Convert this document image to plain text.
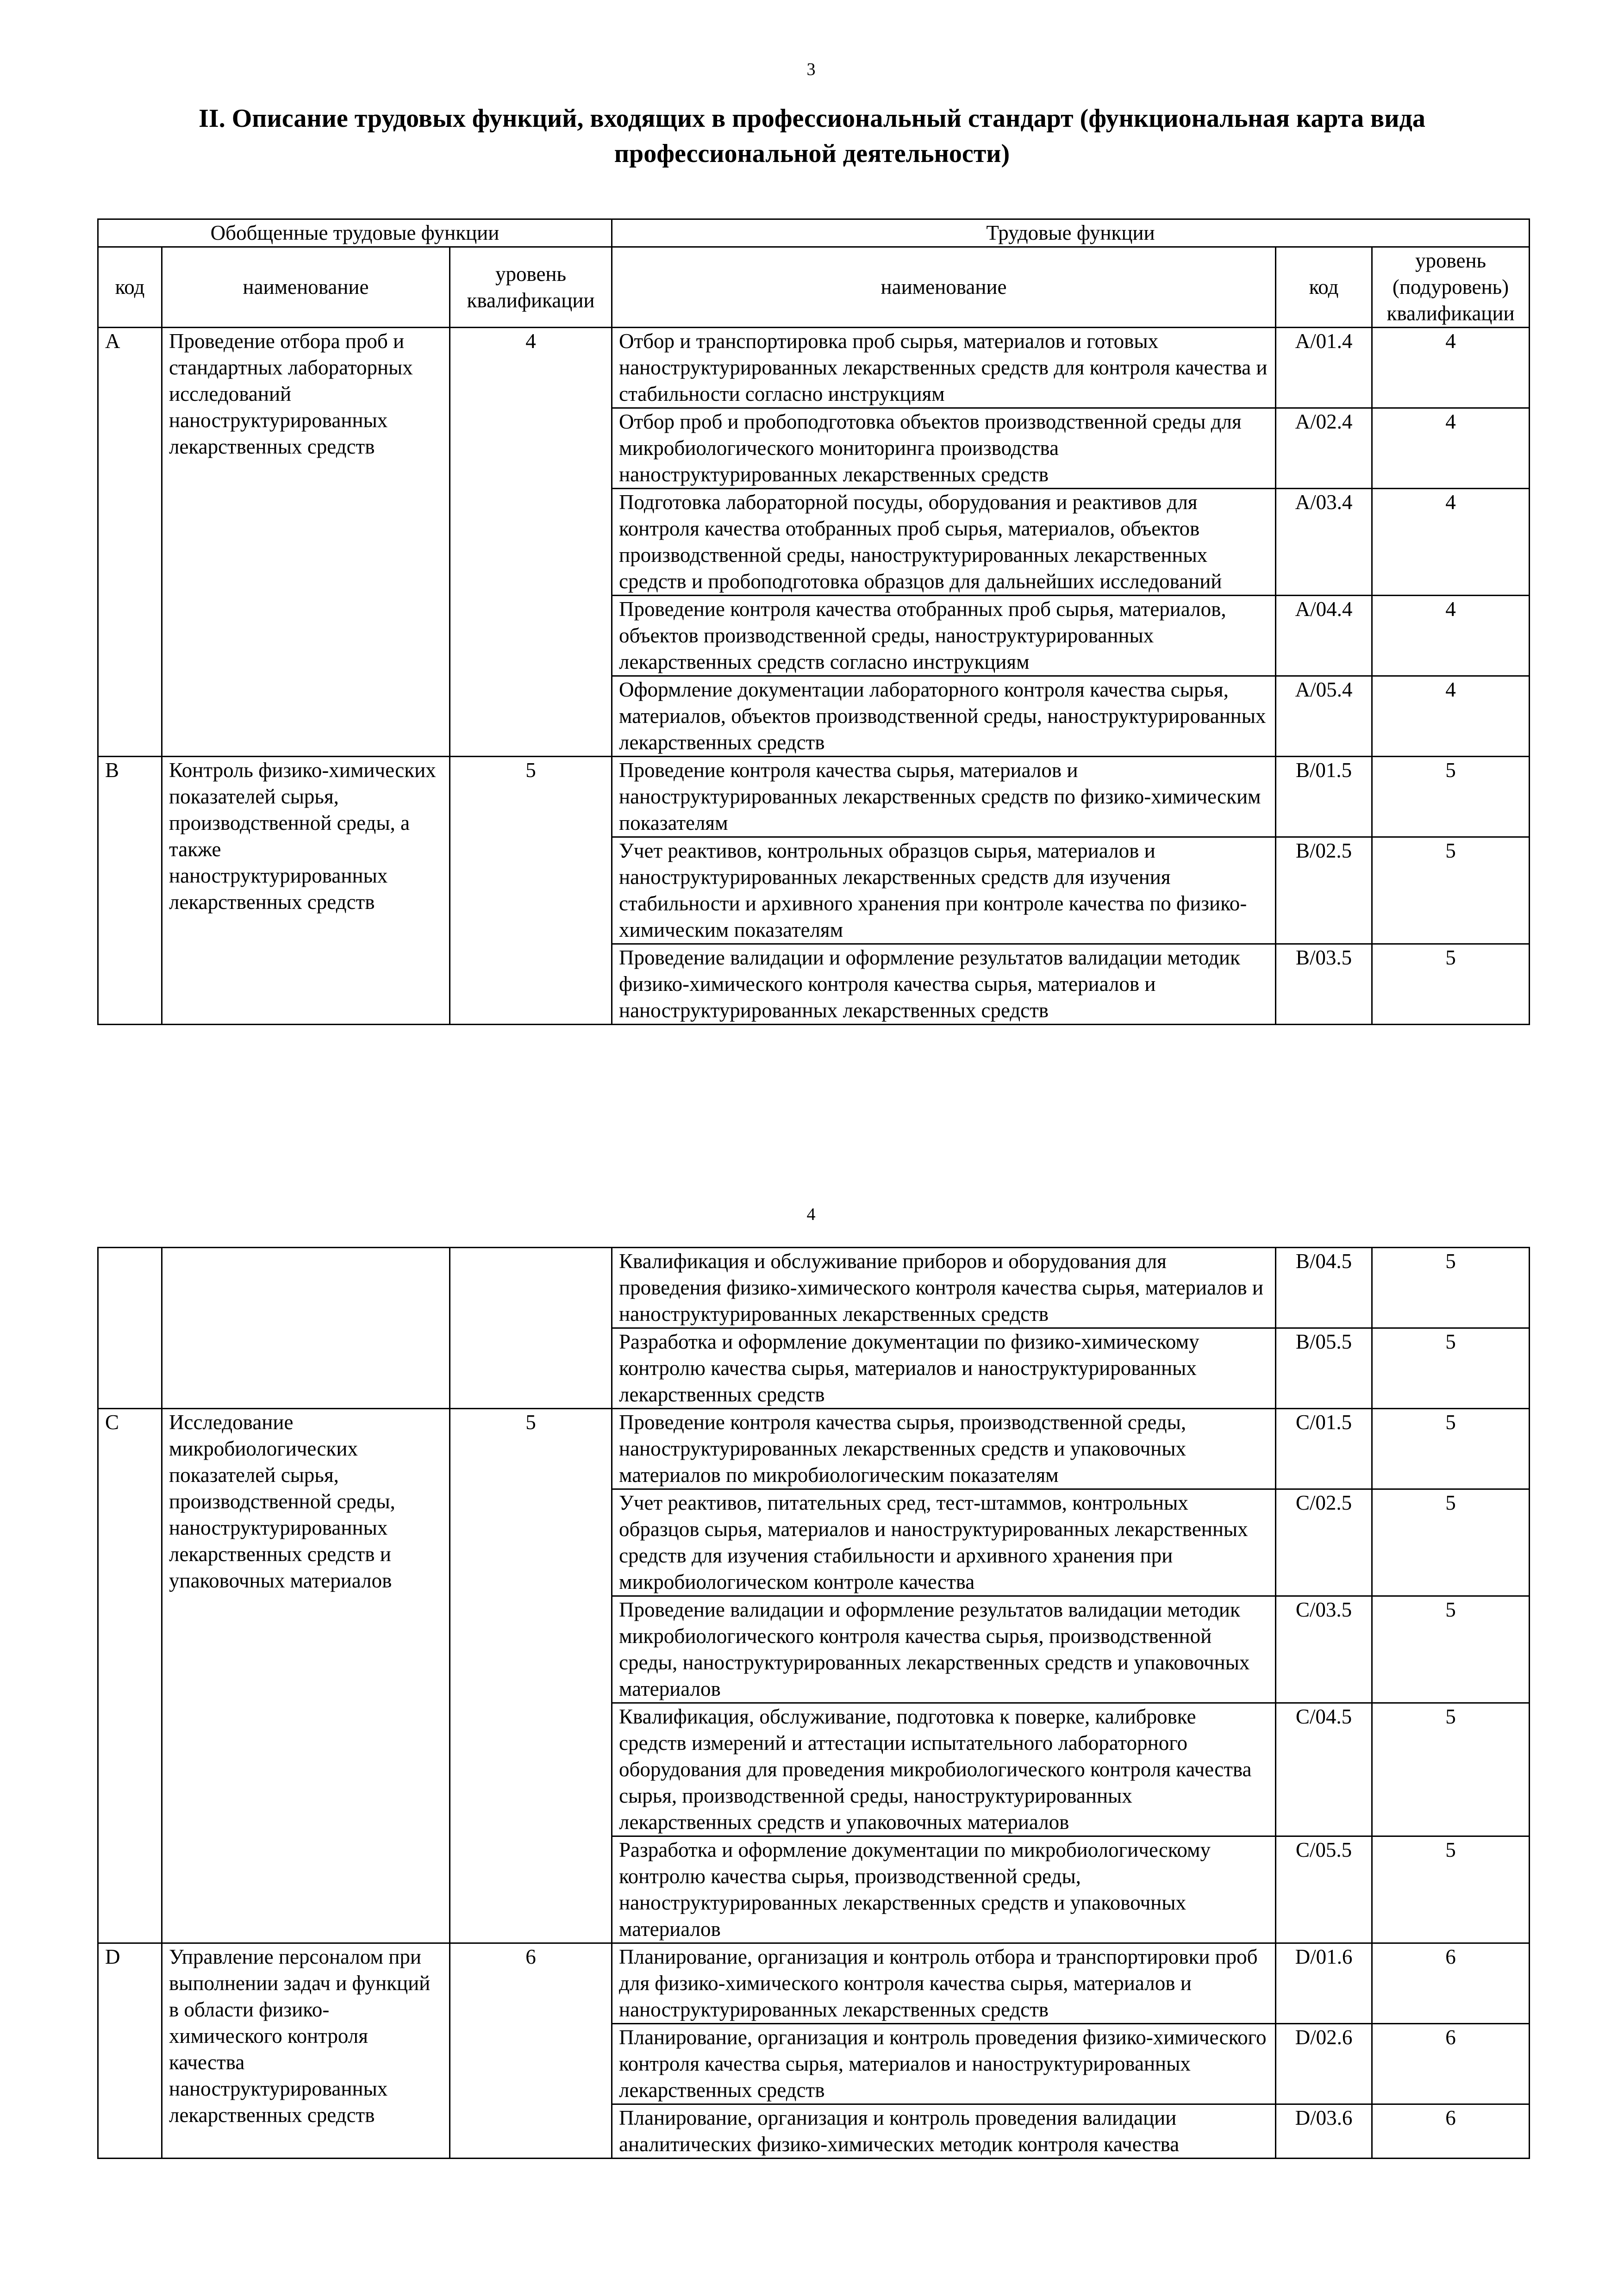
3
II. Описание трудовых функций, входящих в профессиональный стандарт (функциональная карта вида профессиональной деятельности)
Обобщенные трудовые функции			Трудовые функции		
код	наименование	уровень квалификации	наименование	код	уровень (подуровень) квалификации
A	Проведение отбора проб и стандартных лабораторных исследований наноструктурированных лекарственных средств	4	Отбор и транспортировка проб сырья, материалов и готовых наноструктурированных лекарственных средств для контроля качества и стабильности согласно инструкциям	A/01.4	4
			Отбор проб и пробоподготовка объектов производственной среды для микробиологического мониторинга производства наноструктурированных лекарственных средств	A/02.4	4
			Подготовка лабораторной посуды, оборудования и реактивов для контроля качества отобранных проб сырья, материалов, объектов производственной среды, наноструктурированных лекарственных средств и пробоподготовка образцов для дальнейших исследований	A/03.4	4
			Проведение контроля качества отобранных проб сырья, материалов, объектов производственной среды, наноструктурированных лекарственных средств согласно инструкциям	A/04.4	4
			Оформление документации лабораторного контроля качества сырья, материалов, объектов производственной среды, наноструктурированных лекарственных средств	A/05.4	4
B	Контроль физико-химических показателей сырья, производственной среды, а также наноструктурированных лекарственных средств	5	Проведение контроля качества сырья, материалов и наноструктурированных лекарственных средств по физико-химическим показателям	B/01.5	5
			Учет реактивов, контрольных образцов сырья, материалов и наноструктурированных лекарственных средств для изучения стабильности и архивного хранения при контроле качества по физико-химическим показателям	B/02.5	5
			Проведение валидации и оформление результатов валидации методик физико-химического контроля качества сырья, материалов и наноструктурированных лекарственных средств	B/03.5	5
4
			Квалификация и обслуживание приборов и оборудования для проведения физико-химического контроля качества сырья, материалов и наноструктурированных лекарственных средств	B/04.5	5
			Разработка и оформление документации по физико-химическому контролю качества сырья, материалов и наноструктурированных лекарственных средств	B/05.5	5
C	Исследование микробиологических показателей сырья, производственной среды, наноструктурированных лекарственных средств и упаковочных материалов	5	Проведение контроля качества сырья, производственной среды, наноструктурированных лекарственных средств и упаковочных материалов по микробиологическим показателям	C/01.5	5
			Учет реактивов, питательных сред, тест-штаммов, контрольных образцов сырья, материалов и наноструктурированных лекарственных средств для изучения стабильности и архивного хранения при микробиологическом контроле качества	C/02.5	5
			Проведение валидации и оформление результатов валидации методик микробиологического контроля качества сырья, производственной среды, наноструктурированных лекарственных средств и упаковочных материалов	C/03.5	5
			Квалификация, обслуживание, подготовка к поверке, калибровке средств измерений и аттестации испытательного лабораторного оборудования для проведения микробиологического контроля качества сырья, производственной среды, наноструктурированных лекарственных средств и упаковочных материалов	C/04.5	5
			Разработка и оформление документации по микробиологическому контролю качества сырья, производственной среды, наноструктурированных лекарственных средств и упаковочных материалов	C/05.5	5
D	Управление персоналом при выполнении задач и функций в области физико-химического контроля качества наноструктурированных лекарственных средств	6	Планирование, организация и контроль отбора и транспортировки проб для физико-химического контроля качества сырья, материалов и наноструктурированных лекарственных средств	D/01.6	6
			Планирование, организация и контроль проведения физико-химического контроля качества сырья, материалов и наноструктурированных лекарственных средств	D/02.6	6
			Планирование, организация и контроль проведения валидации аналитических физико-химических методик контроля качества	D/03.6	6
